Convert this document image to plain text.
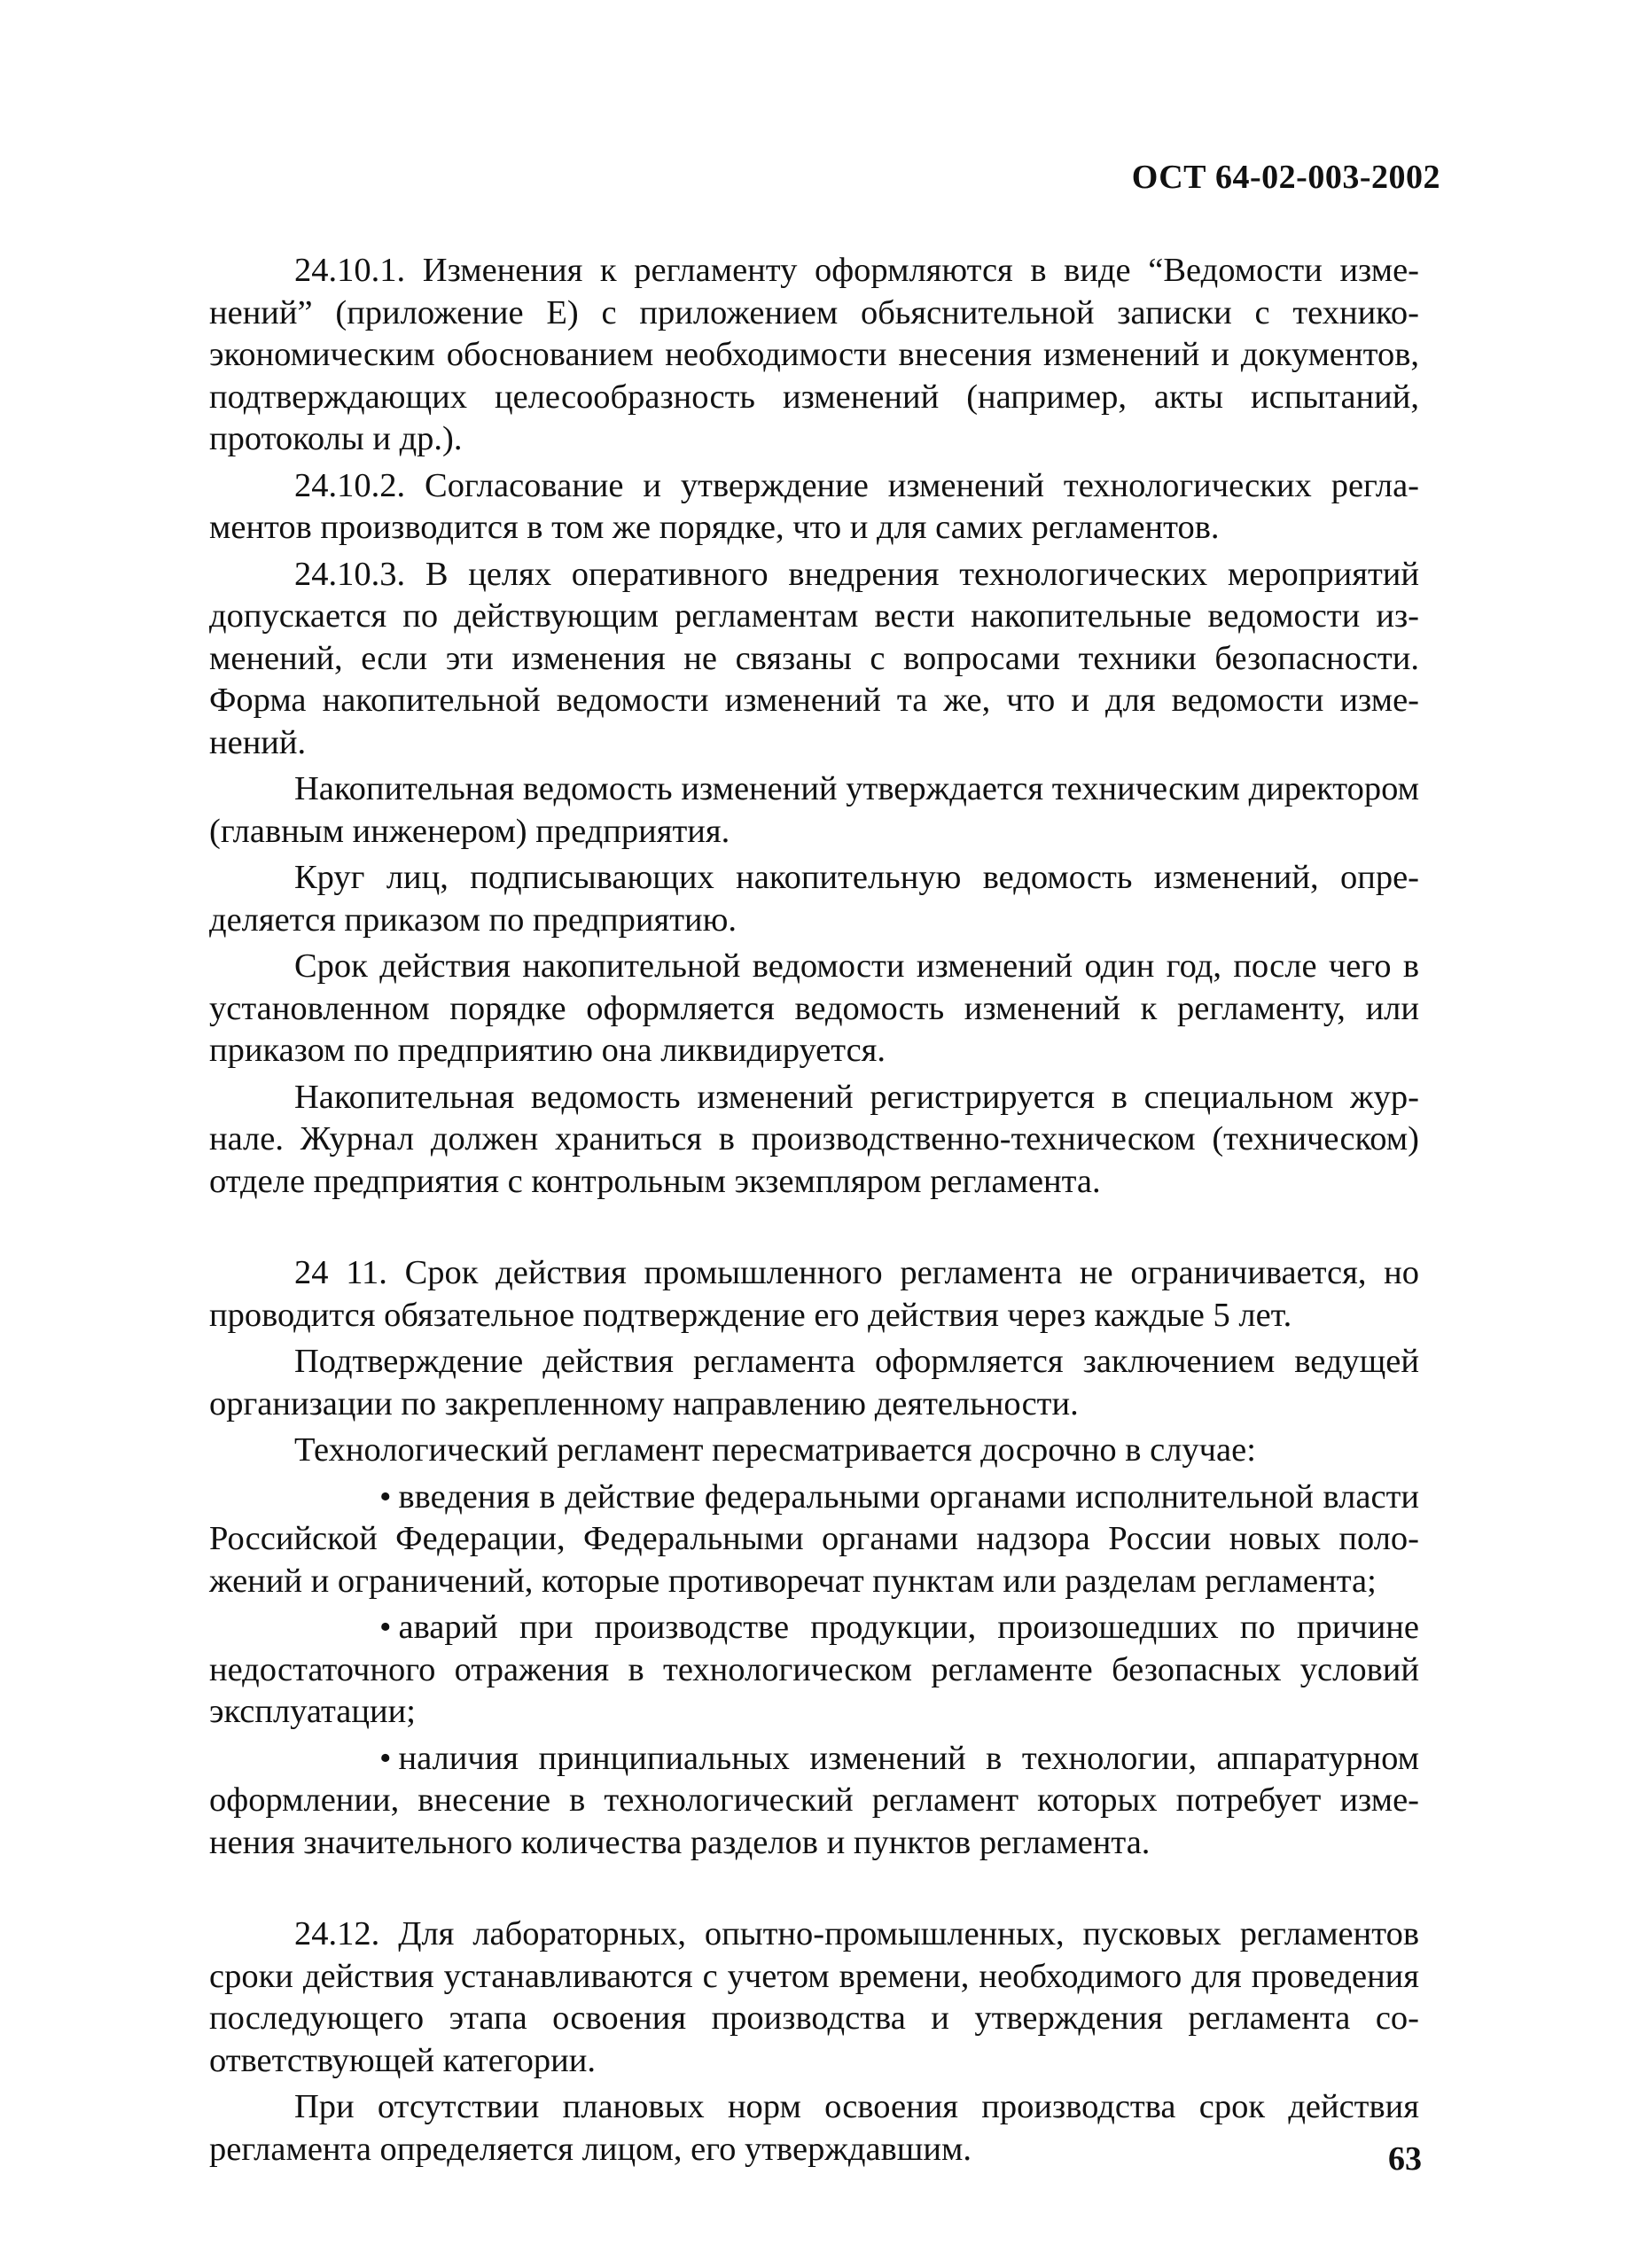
ОСТ 64-02-003-2002

24.10.1. Изменения к регламенту оформляются в виде “Ведомости изменений” (приложение Е) с приложением обьяснительной записки с технико-экономическим обоснованием необходимости внесения изменений и документов, подтверждающих целесообразность изменений (например, акты испытаний, протоколы и др.).

24.10.2. Согласование и утверждение изменений технологических регламентов производится в том же порядке, что и для самих регламентов.

24.10.3. В целях оперативного внедрения технологических мероприятий допускается по действующим регламентам вести накопительные ведомости изменений, если эти изменения не связаны с вопросами техники безопасности. Форма накопительной ведомости изменений та же, что и для ведомости изменений.

Накопительная ведомость изменений утверждается техническим директором (главным инженером) предприятия.

Круг лиц, подписывающих накопительную ведомость изменений, определяется приказом по предприятию.

Срок действия накопительной ведомости изменений один год, после чего в установленном порядке оформляется ведомость изменений к регламенту, или приказом по предприятию она ликвидируется.

Накопительная ведомость изменений регистрируется в специальном журнале. Журнал должен храниться в производственно-техническом (техническом) отделе предприятия с контрольным экземпляром регламента.

24 11. Срок действия промышленного регламента не ограничивается, но проводится обязательное подтверждение его действия через каждые 5 лет.

Подтверждение действия регламента оформляется заключением ведущей организации по закрепленному направлению деятельности.

Технологический регламент пересматривается досрочно в случае:

• введения в действие федеральными органами исполнительной власти Российской Федерации, Федеральными органами надзора России новых положений и ограничений, которые противоречат пунктам или разделам регламента;

• аварий при производстве продукции, произошедших по причине недостаточного отражения в технологическом регламенте безопасных условий эксплуатации;

• наличия принципиальных изменений в технологии, аппаратурном оформлении, внесение в технологический регламент которых потребует изменения значительного количества разделов и пунктов регламента.

24.12. Для лабораторных, опытно-промышленных, пусковых регламентов сроки действия устанавливаются с учетом времени, необходимого для проведения последующего этапа освоения производства и утверждения регламента соответствующей категории.

При отсутствии плановых норм освоения производства срок действия регламента определяется лицом, его утверждавшим.	63
